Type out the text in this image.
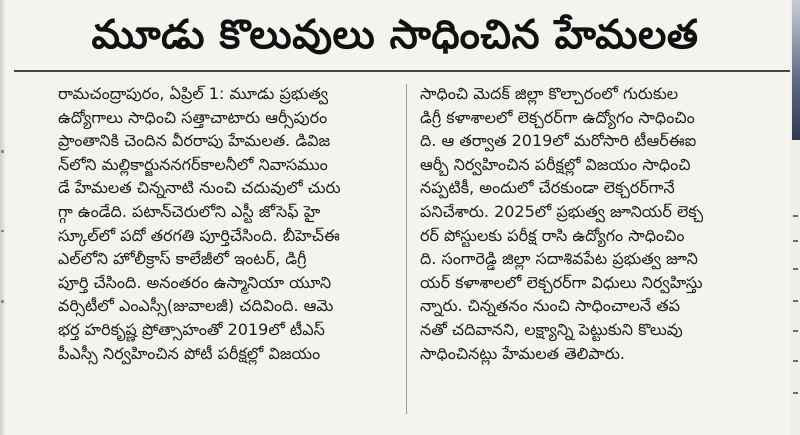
మూడు కొలువులు సాధించిన హేమలత
రామచంద్రాపురం, ఏప్రిల్ 1: మూడు ప్రభుత్వ
ఉద్యోగాలు సాధించి సత్తాచాటారు ఆర్సీపురం
ప్రాంతానికి చెందిన వీరరాపు హేమలత. డివిజ
న్‌లోని మల్లికార్జుననగర్‌కాలనీలో నివాసముం
డే హేమలత చిన్ననాటి నుంచి చదువులో చురు
గ్గా ఉండేది. పటాన్‌చెరులోని ఎస్టీ జోసెఫ్ హై
స్కూల్‌లో పదో తరగతి పూర్తిచేసింది. బీహెచ్ఈ
ఎల్‌లోని హోలీక్రాస్ కాలేజీలో ఇంటర్, డిగ్రీ
పూర్తి చేసింది. అనంతరం ఉస్మానియా యూని
వర్సిటీలో ఎంఎస్సీ(జువాలజీ) చదివింది. ఆమె
భర్త హరికృష్ణ ప్రోత్సాహంతో 2019లో టీఎస్
పీఎస్సీ నిర్వహించిన పోటీ పరీక్షల్లో విజయం
సాధించి మెదక్ జిల్లా కొల్చారంలో గురుకుల
డిగ్రీ కళాశాలలో లెక్చరర్‌గా ఉద్యోగం సాధించిం
ది. ఆ తర్వాత 2019లో మరోసారి టీఆర్ఈఐ
ఆర్బీ నిర్వహించిన పరీక్షల్లో విజయం సాధించి
నప్పటికీ, అందులో చేరకుండా లెక్చరర్‌గానే
పనిచేశారు. 2025లో ప్రభుత్వ జూనియర్ లెక్చ
రర్ పోస్టులకు పరీక్ష రాసి ఉద్యోగం సాధించిం
ది. సంగారెడ్డి జిల్లా సదాశివపేట ప్రభుత్వ జూని
యర్ కళాశాలలో లెక్చరర్‌గా విధులు నిర్వహిస్తు
న్నారు. చిన్నతనం నుంచి సాధించాలనే తప
నతో చదివానని, లక్ష్యాన్ని పెట్టుకుని కొలువు
సాధించినట్లు హేమలత తెలిపారు.
